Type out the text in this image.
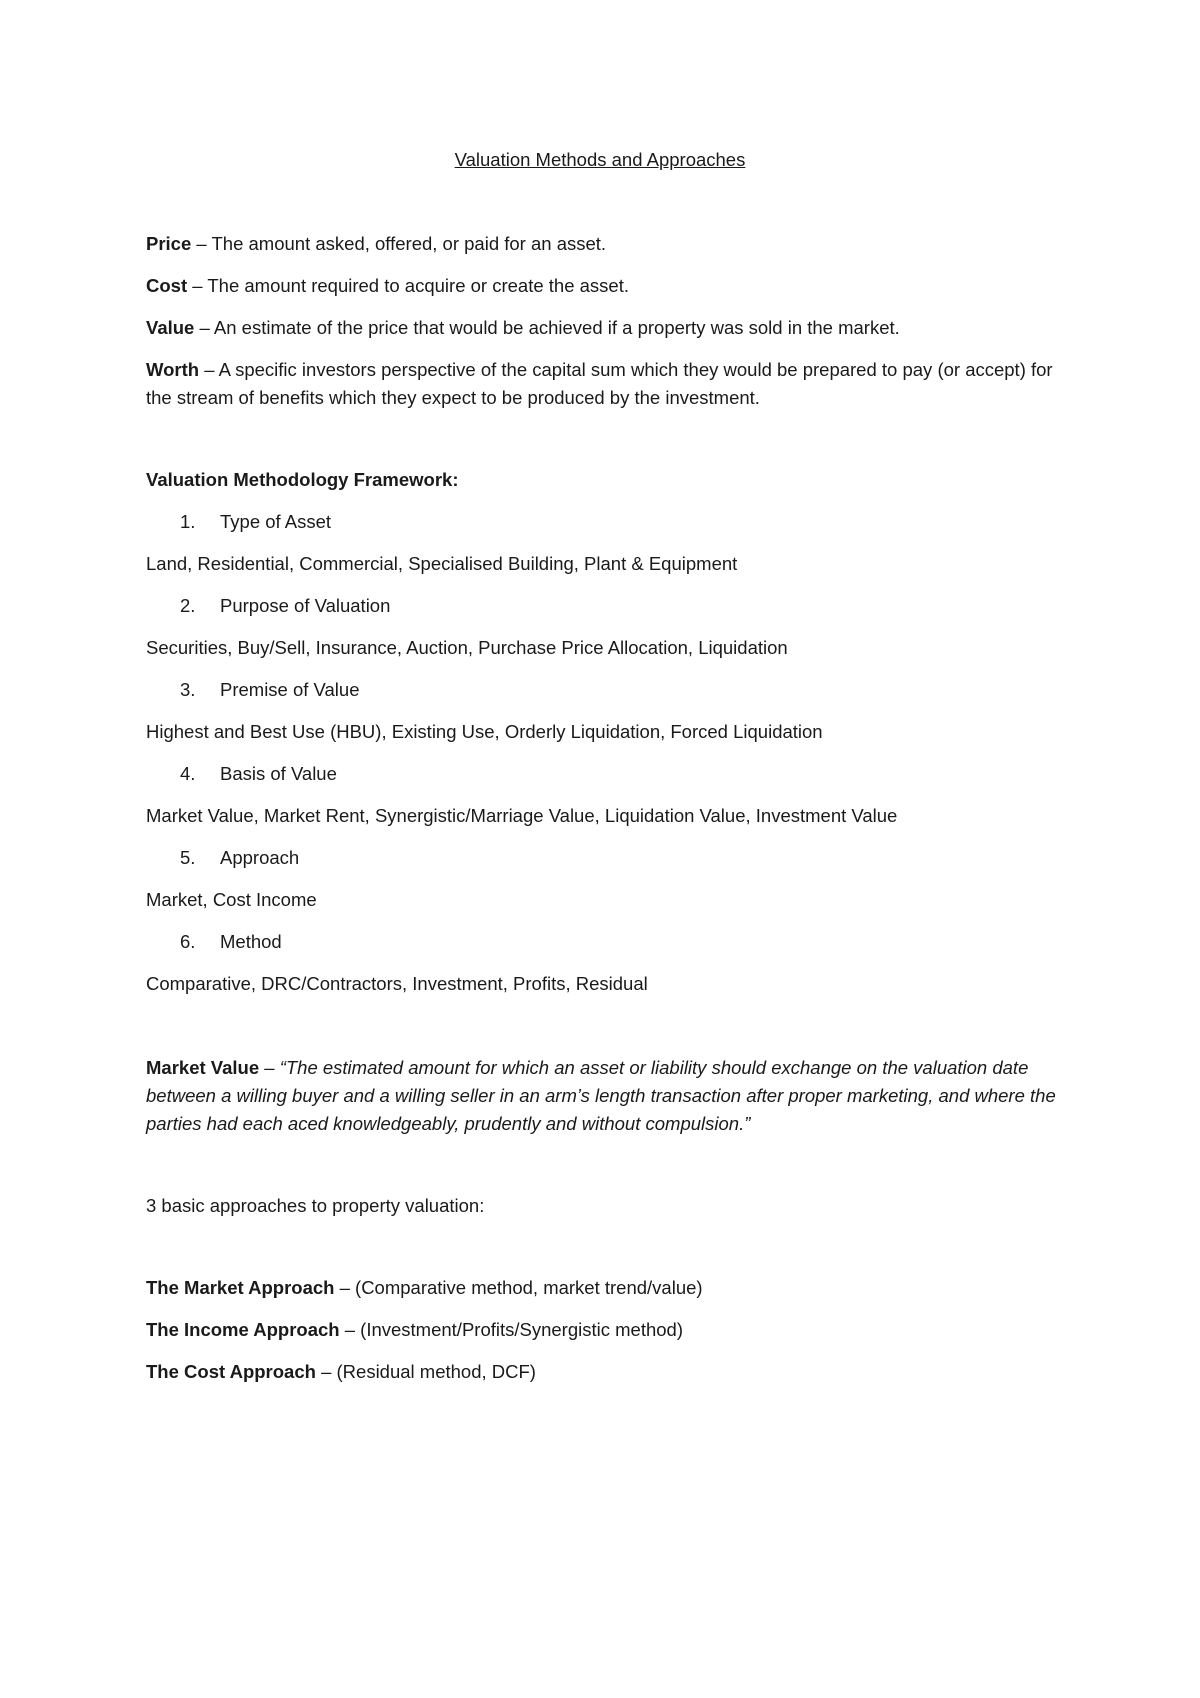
Valuation Methods and Approaches

Price – The amount asked, offered, or paid for an asset.

Cost – The amount required to acquire or create the asset.

Value – An estimate of the price that would be achieved if a property was sold in the market.

Worth – A specific investors perspective of the capital sum which they would be prepared to pay (or accept) for the stream of benefits which they expect to be produced by the investment.

Valuation Methodology Framework:

1. Type of Asset

Land, Residential, Commercial, Specialised Building, Plant & Equipment

2. Purpose of Valuation

Securities, Buy/Sell, Insurance, Auction, Purchase Price Allocation, Liquidation

3. Premise of Value

Highest and Best Use (HBU), Existing Use, Orderly Liquidation, Forced Liquidation

4. Basis of Value

Market Value, Market Rent, Synergistic/Marriage Value, Liquidation Value, Investment Value

5. Approach

Market, Cost Income

6. Method

Comparative, DRC/Contractors, Investment, Profits, Residual

Market Value – “The estimated amount for which an asset or liability should exchange on the valuation date between a willing buyer and a willing seller in an arm’s length transaction after proper marketing, and where the parties had each aced knowledgeably, prudently and without compulsion.”

3 basic approaches to property valuation:

The Market Approach – (Comparative method, market trend/value)

The Income Approach – (Investment/Profits/Synergistic method)

The Cost Approach – (Residual method, DCF)
